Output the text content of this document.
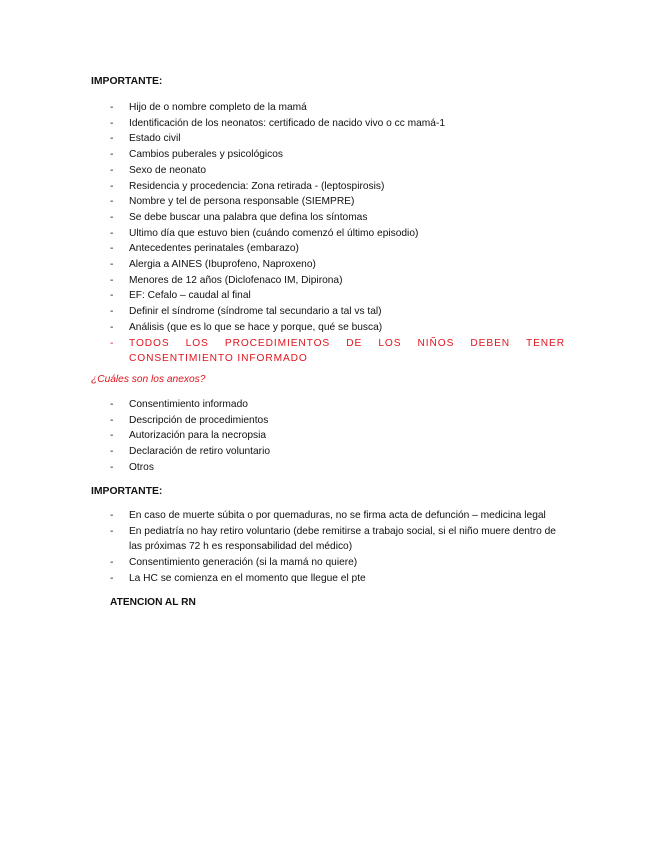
IMPORTANTE:
- Hijo de o nombre completo de la mamá
- Identificación de los neonatos: certificado de nacido vivo o cc mamá-1
- Estado civil
- Cambios puberales y psicológicos
- Sexo de neonato
- Residencia y procedencia: Zona retirada - (leptospirosis)
- Nombre y tel de persona responsable (SIEMPRE)
- Se debe buscar una palabra que defina los síntomas
- Ultimo día que estuvo bien (cuándo comenzó el último episodio)
- Antecedentes perinatales (embarazo)
- Alergia a AINES (Ibuprofeno, Naproxeno)
- Menores de 12 años (Diclofenaco IM, Dipirona)
- EF: Cefalo – caudal al final
- Definir el síndrome (síndrome tal secundario a tal vs tal)
- Análisis (que es lo que se hace y porque, qué se busca)
- TODOS LOS PROCEDIMIENTOS DE LOS NIÑOS DEBEN TENER CONSENTIMIENTO INFORMADO
¿Cuáles son los anexos?
- Consentimiento informado
- Descripción de procedimientos
- Autorización para la necropsia
- Declaración de retiro voluntario
- Otros
IMPORTANTE:
- En caso de muerte súbita o por quemaduras, no se firma acta de defunción – medicina legal
- En pediatría no hay retiro voluntario (debe remitirse a trabajo social, si el niño muere dentro de las próximas 72 h es responsabilidad del médico)
- Consentimiento generación (si la mamá no quiere)
- La HC se comienza en el momento que llegue el pte
ATENCION AL RN
